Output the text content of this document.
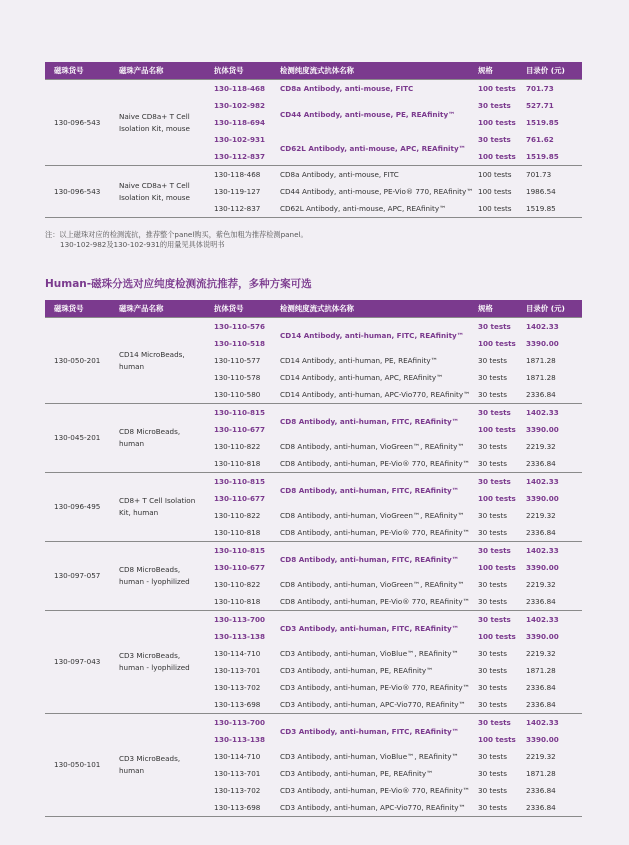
磁珠货号	磁珠产品名称	抗体货号	检测纯度流式抗体名称	规格	目录价 (元)
130-096-543	Naive CD8a+ T Cell Isolation Kit, mouse	130-118-468	CD8a Antibody, anti-mouse, FITC	100 tests	701.73
		130-102-982	CD44 Antibody, anti-mouse, PE, REAfinity™	30 tests	527.71
		130-118-694		100 tests	1519.85
		130-102-931	CD62L Antibody, anti-mouse, APC, REAfinity™	30 tests	761.62
		130-112-837		100 tests	1519.85
130-096-543	Naive CD8a+ T Cell Isolation Kit, mouse	130-118-468	CD8a Antibody, anti-mouse, FITC	100 tests	701.73
		130-119-127	CD44 Antibody, anti-mouse, PE-Vio® 770, REAfinity™	100 tests	1986.54
		130-112-837	CD62L Antibody, anti-mouse, APC, REAfinity™	100 tests	1519.85
注：以上磁珠对应的检测流抗，推荐整个panel购买，紫色加粗为推荐检测panel。
130-102-982及130-102-931的用量见具体说明书
Human-磁珠分选对应纯度检测流抗推荐，多种方案可选
磁珠货号	磁珠产品名称	抗体货号	检测纯度流式抗体名称	规格	目录价 (元)
130-050-201	CD14 MicroBeads, human	130-110-576	CD14 Antibody, anti-human, FITC, REAfinity™	30 tests	1402.33
		130-110-518		100 tests	3390.00
		130-110-577	CD14 Antibody, anti-human, PE, REAfinity™	30 tests	1871.28
		130-110-578	CD14 Antibody, anti-human, APC, REAfinity™	30 tests	1871.28
		130-110-580	CD14 Antibody, anti-human, APC-Vio770, REAfinity™	30 tests	2336.84
130-045-201	CD8 MicroBeads, human	130-110-815	CD8 Antibody, anti-human, FITC, REAfinity™	30 tests	1402.33
		130-110-677		100 tests	3390.00
		130-110-822	CD8 Antibody, anti-human, VioGreen™, REAfinity™	30 tests	2219.32
		130-110-818	CD8 Antibody, anti-human, PE-Vio® 770, REAfinity™	30 tests	2336.84
130-096-495	CD8+ T Cell Isolation Kit, human	130-110-815	CD8 Antibody, anti-human, FITC, REAfinity™	30 tests	1402.33
		130-110-677		100 tests	3390.00
		130-110-822	CD8 Antibody, anti-human, VioGreen™, REAfinity™	30 tests	2219.32
		130-110-818	CD8 Antibody, anti-human, PE-Vio® 770, REAfinity™	30 tests	2336.84
130-097-057	CD8 MicroBeads, human - lyophilized	130-110-815	CD8 Antibody, anti-human, FITC, REAfinity™	30 tests	1402.33
		130-110-677		100 tests	3390.00
		130-110-822	CD8 Antibody, anti-human, VioGreen™, REAfinity™	30 tests	2219.32
		130-110-818	CD8 Antibody, anti-human, PE-Vio® 770, REAfinity™	30 tests	2336.84
130-097-043	CD3 MicroBeads, human - lyophilized	130-113-700	CD3 Antibody, anti-human, FITC, REAfinity™	30 tests	1402.33
		130-113-138		100 tests	3390.00
		130-114-710	CD3 Antibody, anti-human, VioBlue™, REAfinity™	30 tests	2219.32
		130-113-701	CD3 Antibody, anti-human, PE, REAfinity™	30 tests	1871.28
		130-113-702	CD3 Antibody, anti-human, PE-Vio® 770, REAfinity™	30 tests	2336.84
		130-113-698	CD3 Antibody, anti-human, APC-Vio770, REAfinity™	30 tests	2336.84
130-050-101	CD3 MicroBeads, human	130-113-700	CD3 Antibody, anti-human, FITC, REAfinity™	30 tests	1402.33
		130-113-138		100 tests	3390.00
		130-114-710	CD3 Antibody, anti-human, VioBlue™, REAfinity™	30 tests	2219.32
		130-113-701	CD3 Antibody, anti-human, PE, REAfinity™	30 tests	1871.28
		130-113-702	CD3 Antibody, anti-human, PE-Vio® 770, REAfinity™	30 tests	2336.84
		130-113-698	CD3 Antibody, anti-human, APC-Vio770, REAfinity™	30 tests	2336.84
